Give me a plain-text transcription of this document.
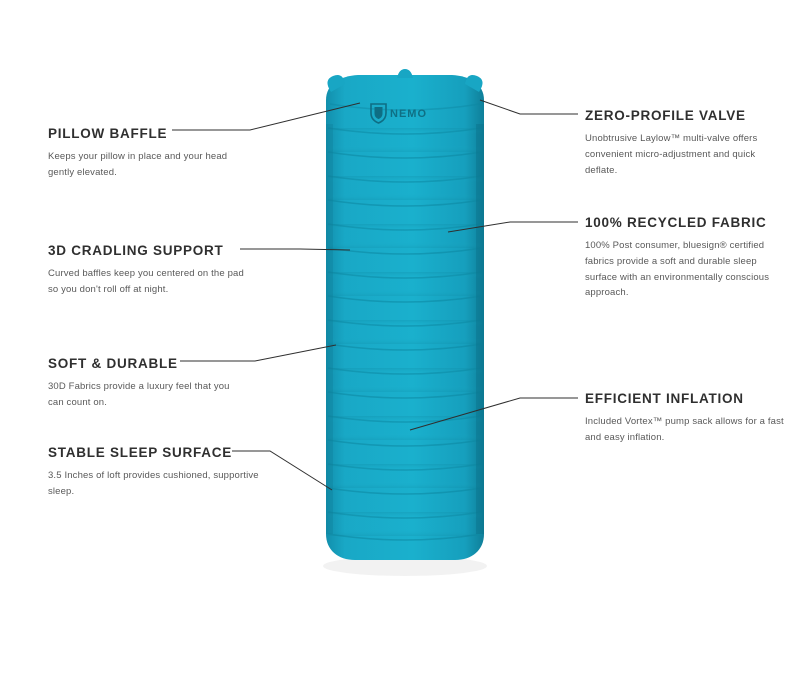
NEMO

PILLOW BAFFLE

Keeps your pillow in place and your head gently elevated.

3D CRADLING SUPPORT

Curved baffles keep you centered on the pad so you don't roll off at night.

SOFT & DURABLE

30D Fabrics provide a luxury feel that you can count on.

STABLE SLEEP SURFACE

3.5 Inches of loft provides cushioned, supportive sleep.

ZERO-PROFILE VALVE

Unobtrusive Laylow™ multi-valve offers convenient micro-adjustment and quick deflate.

100% RECYCLED FABRIC

100% Post consumer, bluesign® certified fabrics provide a soft and durable sleep surface with an environmentally conscious approach.

EFFICIENT INFLATION

Included Vortex™ pump sack allows for a fast and easy inflation.
